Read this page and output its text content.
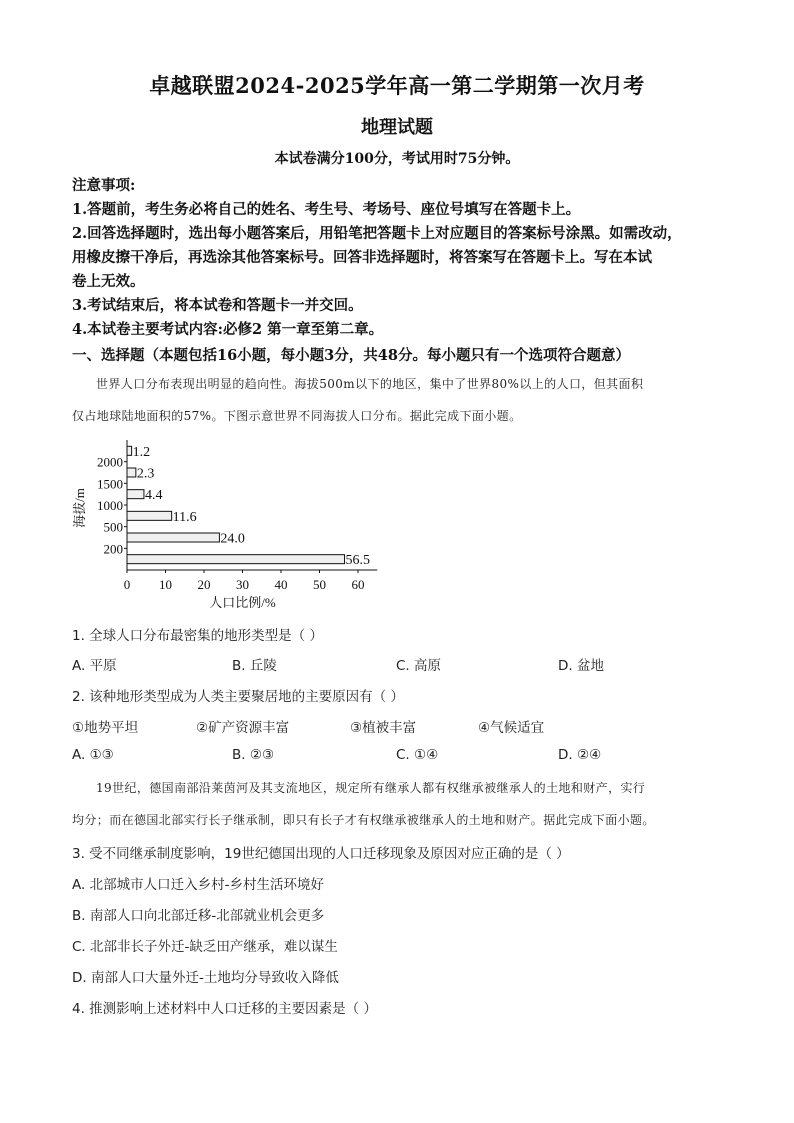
卓越联盟2024-2025学年高一第二学期第一次月考
地理试题
本试卷满分100分，考试用时75分钟。
注意事项:
1.答题前，考生务必将自己的姓名、考生号、考场号、座位号填写在答题卡上。
2.回答选择题时，选出每小题答案后，用铅笔把答题卡上对应题目的答案标号涂黑。如需改动，
用橡皮擦干净后，再选涂其他答案标号。回答非选择题时，将答案写在答题卡上。写在本试
卷上无效。
3.考试结束后，将本试卷和答题卡一并交回。
4.本试卷主要考试内容:必修2 第一章至第二章。
一、选择题（本题包括16小题，每小题3分，共48分。每小题只有一个选项符合题意）
世界人口分布表现出明显的趋向性。海拔500m以下的地区，集中了世界80%以上的人口，但其面积
仅占地球陆地面积的57%。下图示意世界不同海拔人口分布。据此完成下面小题。
56.5
24.0
11.6
4.4
2.3
1.2
200
500
1000
1500
2000
0 10 20 30 40 50 60
人口比例/%
海拔/m
1. 全球人口分布最密集的地形类型是（ ）
A. 平原	B. 丘陵	C. 高原	D. 盆地
2. 该种地形类型成为人类主要聚居地的主要原因有（ ）
①地势平坦	②矿产资源丰富	③植被丰富	④气候适宜
A. ①③	B. ②③	C. ①④	D. ②④
19世纪，德国南部沿莱茵河及其支流地区，规定所有继承人都有权继承被继承人的土地和财产，实行
均分；而在德国北部实行长子继承制，即只有长子才有权继承被继承人的土地和财产。据此完成下面小题。
3. 受不同继承制度影响，19世纪德国出现的人口迁移现象及原因对应正确的是（ ）
A. 北部城市人口迁入乡村-乡村生活环境好
B. 南部人口向北部迁移-北部就业机会更多
C. 北部非长子外迁-缺乏田产继承，难以谋生
D. 南部人口大量外迁-土地均分导致收入降低
4. 推测影响上述材料中人口迁移的主要因素是（ ）
